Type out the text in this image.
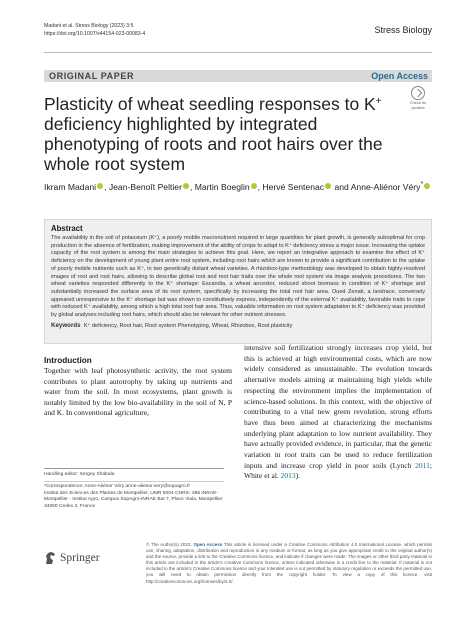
Madani et al. Stress Biology (2023) 3:5
https://doi.org/10.1007/s44154-023-00083-4	Stress Biology
ORIGINAL PAPER	Open Access
Check for updates
Plasticity of wheat seedling responses to K+ deficiency highlighted by integrated phenotyping of roots and root hairs over the whole root system
Ikram Madani , Jean-Benoît Peltier , Martin Boeglin , Hervé Sentenac and Anne-Aliénor Véry*
Abstract

The availability in the soil of potassium (K⁺), a poorly mobile macronutrient required in large quantities for plant growth, is generally suboptimal for crop production in the absence of fertilization, making improvement of the ability of crops to adapt to K⁺ deficiency stress a major issue. Increasing the uptake capacity of the root system is among the main strategies to achieve this goal. Here, we report an integrative approach to examine the effect of K⁺ deficiency on the development of young plant entire root system, including root hairs which are known to provide a significant contribution to the uptake of poorly mobile nutrients such as K⁺, in two genetically distant wheat varieties. A rhizobox-type methodology was developed to obtain highly-resolved images of root and root hairs, allowing to describe global root and root hair traits over the whole root system via image analysis procedures. The two wheat varieties responded differently to the K⁺ shortage: Escandia, a wheat ancestor, reduced shoot biomass in condition of K⁺ shortage and substantially increased the surface area of its root system, specifically by increasing the total root hair area. Oued Zenati, a landrace, conversely appeared unresponsive to the K⁺ shortage but was shown to constitutively express, independently of the external K⁺ availability, favorable traits to cope with reduced K⁺ availability, among which a high total root hair area. Thus, valuable information on root system adaptation to K⁺ deficiency was provided by global analyses including root hairs, which should also be relevant for other nutrient stresses.

Keywords K⁺ deficiency, Root hair, Root system Phenotyping, Wheat, Rhizobox, Root plasticity
Introduction

Together with leaf photosynthetic activity, the root system contributes to plant autotrophy by taking up nutrients and water from the soil. In most ecosystems, plant growth is notably limited by the low bio-availability in the soil of N, P and K. In conventional agriculture,

intensive soil fertilization strongly increases crop yield, but this is achieved at high environmental costs, which are now widely considered as unsustainable. The evolution towards alternative models aiming at maintaining high yields while respecting the environment implies the implementation of science-based solutions. In this context, with the objective of contributing to a vital new green revolution, strong efforts have thus been aimed at characterizing the mechanisms underlying plant adaptation to low nutrient availability. They have actually provided evidence, in particular, that the genetic variation in root traits can be used to reduce fertilization inputs and increase crop yield in poor soils (Lynch 2011; White et al. 2013).

Handling editor: Sergey Shabala
*Correspondence: Anne-Aliénor Véry anne-alienor.very@supagro.fr
Institut des Sciences des Plantes de Montpellier, UMR 5004 CNRS- 386 INRAE-Montpellier - Institut Agro, Campus SupAgro-INRAE Bat 7, Place Viala, Montpellier 34060 Cedex 2, France
Springer

© The Author(s) 2023. Open Access This article is licensed under a Creative Commons Attribution 4.0 International License, which permits use, sharing, adaptation, distribution and reproduction in any medium or format, as long as you give appropriate credit to the original author(s) and the source, provide a link to the Creative Commons licence, and indicate if changes were made. The images or other third party material in this article are included in the article's Creative Commons licence, unless indicated otherwise in a credit line to the material. If material is not included in the article's Creative Commons licence and your intended use is not permitted by statutory regulation or exceeds the permitted use, you will need to obtain permission directly from the copyright holder. To view a copy of this licence, visit http://creativecommons.org/licenses/by/4.0/.
